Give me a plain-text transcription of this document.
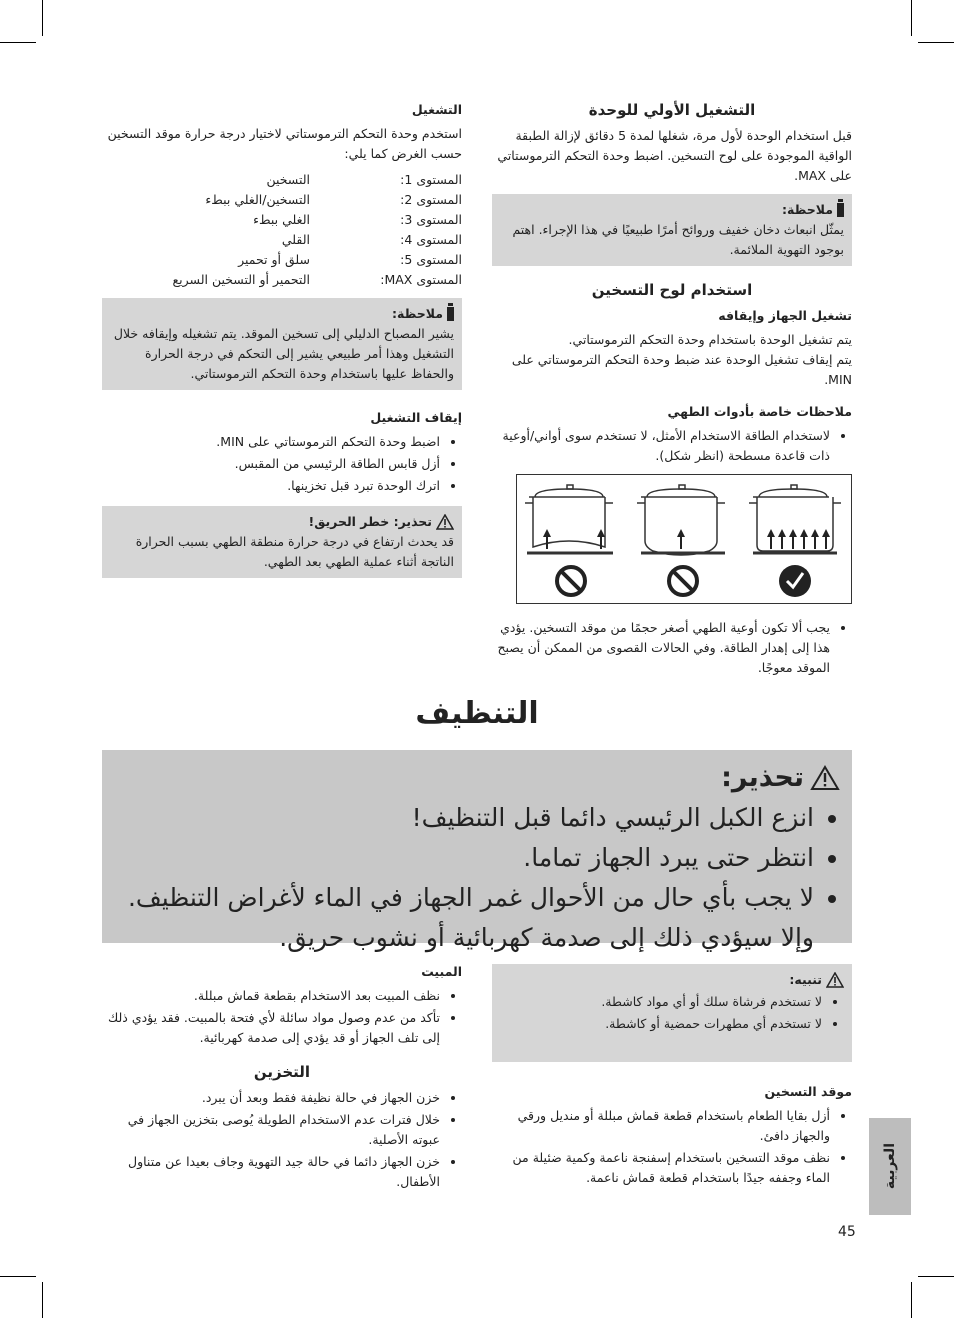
التشغيل الأولي للوحدة

قبل استخدام الوحدة لأول مرة، شغلها لمدة 5 دقائق لإزالة الطبقة الواقية الموجودة على لوح التسخين. اضبط وحدة التحكم الترموستاتي على MAX.

ملاحظة:

يمثّل انبعاث دخان خفيف وروائح أمرًا طبيعيًا في هذا الإجراء. اهتم بوجود التهوية الملائمة.

استخدام لوح التسخين
تشغيل الجهاز وإيقافه

يتم تشغيل الوحدة باستخدام وحدة التحكم الترموستاتي.

يتم إيقاف تشغيل الوحدة عند ضبط وحدة التحكم الترموستاتي على MIN.

ملاحظات خاصة بأدوات الطهي
• لاستخدام الطاقة الاستخدام الأمثل، لا تستخدم سوى أواني/أوعية ذات قاعدة مسطحة (انظر شكل).
• يجب ألا تكون أوعية الطهي أصغر حجمًا من موقد التسخين. يؤدي هذا إلى إهدار الطاقة. وفي الحالات القصوى من الممكن أن يصبح الموقد معوجًا.
التشغيل

استخدم وحدة التحكم الترموستاتي لاختيار درجة حرارة موقد التسخين حسب الغرض كما يلي:

المستوى 1:
التسخين
المستوى 2:
التسخين/الغلي ببطء
المستوى 3:
الغلي ببطء
المستوى 4:
القلي
المستوى 5:
سلق أو تحمير
المستوى MAX:
التحمير أو التسخين السريع
ملاحظة:

يشير المصباح الدليلي إلى تسخين الموقد. يتم تشغيله وإيقافه خلال التشغيل وهذا أمر طبيعي يشير إلى التحكم في درجة الحرارة والحفاظ عليها باستخدام وحدة التحكم الترموستاتي.

إيقاف التشغيل
• اضبط وحدة التحكم الترموستاتي على MIN.
• أزل قابس الطاقة الرئيسي من المقبس.
• اترك الوحدة تبرد قبل تخزينها.
تحذير: خطر الحريق!

قد يحدث ارتفاع في درجة حرارة منطقة الطهي بسبب الحرارة الناتجة أثناء عملية الطهي بعد الطهي.

التنظيف
تحذير:
• انزع الكبل الرئيسي دائما قبل التنظيف!
• انتظر حتى يبرد الجهاز تماما.
• لا يجب بأي حال من الأحوال غمر الجهاز في الماء لأغراض التنظيف. وإلا سيؤدي ذلك إلى صدمة كهربائية أو نشوب حريق.
تنبيه:
• لا تستخدم فرشاة سلك أو أي مواد كاشطة.
• لا تستخدم أي مطهرات حمضية أو كاشطة.
موقد التسخين
• أزل بقايا الطعام باستخدام قطعة قماش مبللة أو منديل ورقي والجهاز دافئ.
• نظف موقد التسخين باستخدام إسفنجة ناعمة وكمية ضئيلة من الماء وجففه جيدًا باستخدام قطعة قماش ناعمة.
المبيت
• نظف المبيت بعد الاستخدام بقطعة قماش مبللة.
• تأكد من عدم وصول مواد سائلة لأي فتحة بالمبيت. فقد يؤدي ذلك إلى تلف الجهاز أو قد يؤدي إلى صدمة كهربائية.
التخزين
• خزن الجهاز في حالة نظيفة فقط وبعد أن يبرد.
• خلال فترات عدم الاستخدام الطويلة يُوصى بتخزين الجهاز في عبوته الأصلية.
• خزن الجهاز دائما في حالة جيد التهوية وجاف بعيدا عن متناول الأطفال.	العربية
45
